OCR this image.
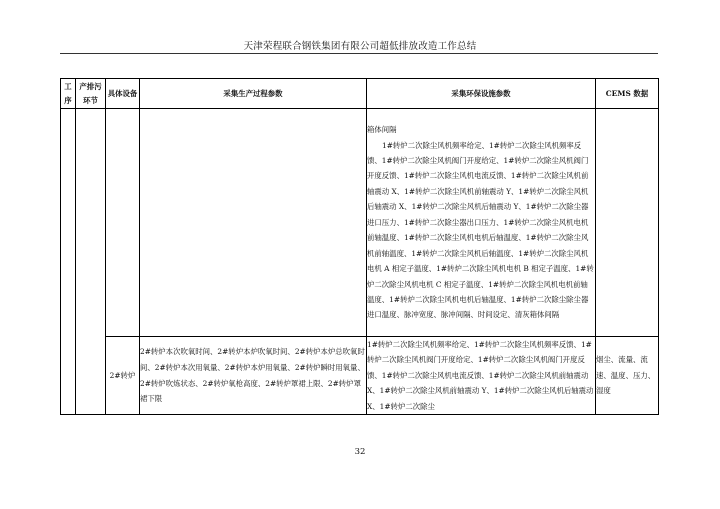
天津荣程联合钢铁集团有限公司超低排放改造工作总结
工序	产排污环节	具体设备	采集生产过程参数	采集环保设施参数	CEMS 数据

				箱体间隔
1#转炉二次除尘风机频率给定、1#转炉二次除尘风机频率反馈、1#转炉二次除尘风机阀门开度给定、1#转炉二次除尘风机阀门开度反馈、1#转炉二次除尘风机电流反馈、1#转炉二次除尘风机前轴震动 X、1#转炉二次除尘风机前轴震动 Y、1#转炉二次除尘风机后轴震动 X、1#转炉二次除尘风机后轴震动 Y、1#转炉二次除尘器进口压力、1#转炉二次除尘器出口压力、1#转炉二次除尘风机电机前轴温度、1#转炉二次除尘风机电机后轴温度、1#转炉二次除尘风机前轴温度、1#转炉二次除尘风机后轴温度、1#转炉二次除尘风机电机 A 相定子温度、1#转炉二次除尘风机电机 B 相定子温度、1#转炉二次除尘风机电机 C 相定子温度、1#转炉二次除尘风机电机前轴温度、1#转炉二次除尘风机电机后轴温度、1#转炉二次除尘除尘器进口温度、脉冲宽度、脉冲间隔、时间设定、清灰箱体间隔	
		2#转炉	2#转炉本次吹氧时间、2#转炉本炉吹氧时间、2#转炉本炉总吹氧时间、2#转炉本次用氧量、2#转炉本炉用氧量、2#转炉瞬时用氧量、2#转炉吹炼状态、2#转炉氧枪高度、2#转炉罩裙上限、2#转炉罩裙下限	1#转炉二次除尘风机频率给定、1#转炉二次除尘风机频率反馈、1#转炉二次除尘风机阀门开度给定、1#转炉二次除尘风机阀门开度反馈、1#转炉二次除尘风机电流反馈、1#转炉二次除尘风机前轴震动 X、1#转炉二次除尘风机前轴震动 Y、1#转炉二次除尘风机后轴震动 X、1#转炉二次除尘	烟尘、流量、流速、温度、压力、湿度
32
